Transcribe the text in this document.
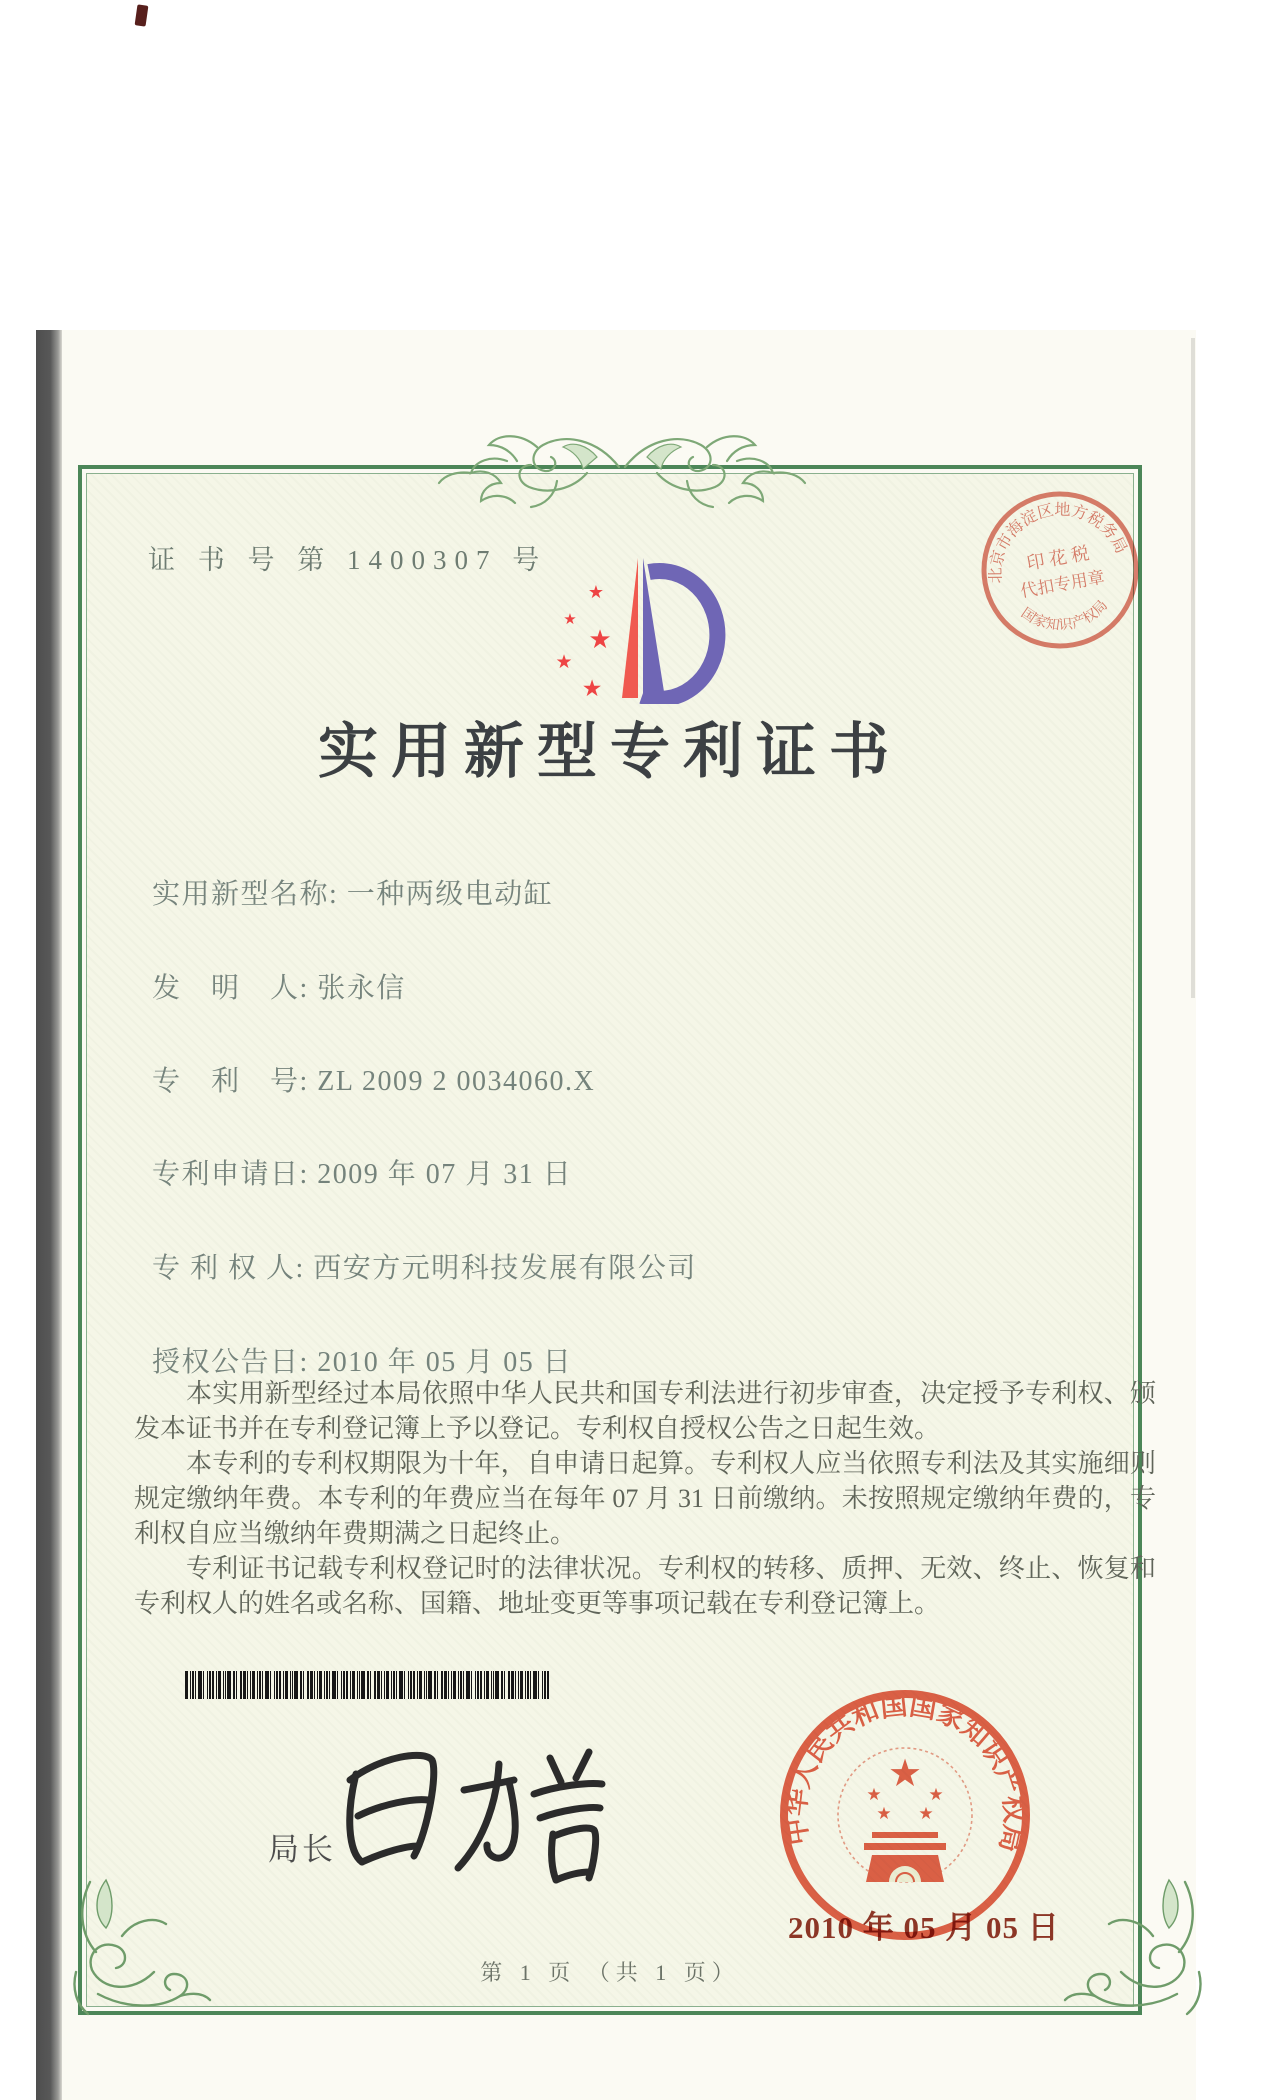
证 书 号 第 1400307 号
★
★
★
★
★
实用新型专利证书
实用新型名称: 一种两级电动缸
发　明　人: 张永信
专　利　号: ZL 2009 2 0034060.X
专利申请日: 2009 年 07 月 31 日
专 利 权 人: 西安方元明科技发展有限公司
授权公告日: 2010 年 05 月 05 日

本实用新型经过本局依照中华人民共和国专利法进行初步审查，决定授予专利权、颁发本证书并在专利登记簿上予以登记。专利权自授权公告之日起生效。

本专利的专利权期限为十年，自申请日起算。专利权人应当依照专利法及其实施细则规定缴纳年费。本专利的年费应当在每年 07 月 31 日前缴纳。未按照规定缴纳年费的，专利权自应当缴纳年费期满之日起终止。

专利证书记载专利权登记时的法律状况。专利权的转移、质押、无效、终止、恢复和专利权人的姓名或名称、国籍、地址变更等事项记载在专利登记簿上。

局长
中华人民共和国国家知识产权局
★
★	★
★ ★
2010 年 05 月 05 日
北京市海淀区地方税务局
国家知识产权局
印 花 税
代扣专用章
第 1 页 （共 1 页）
